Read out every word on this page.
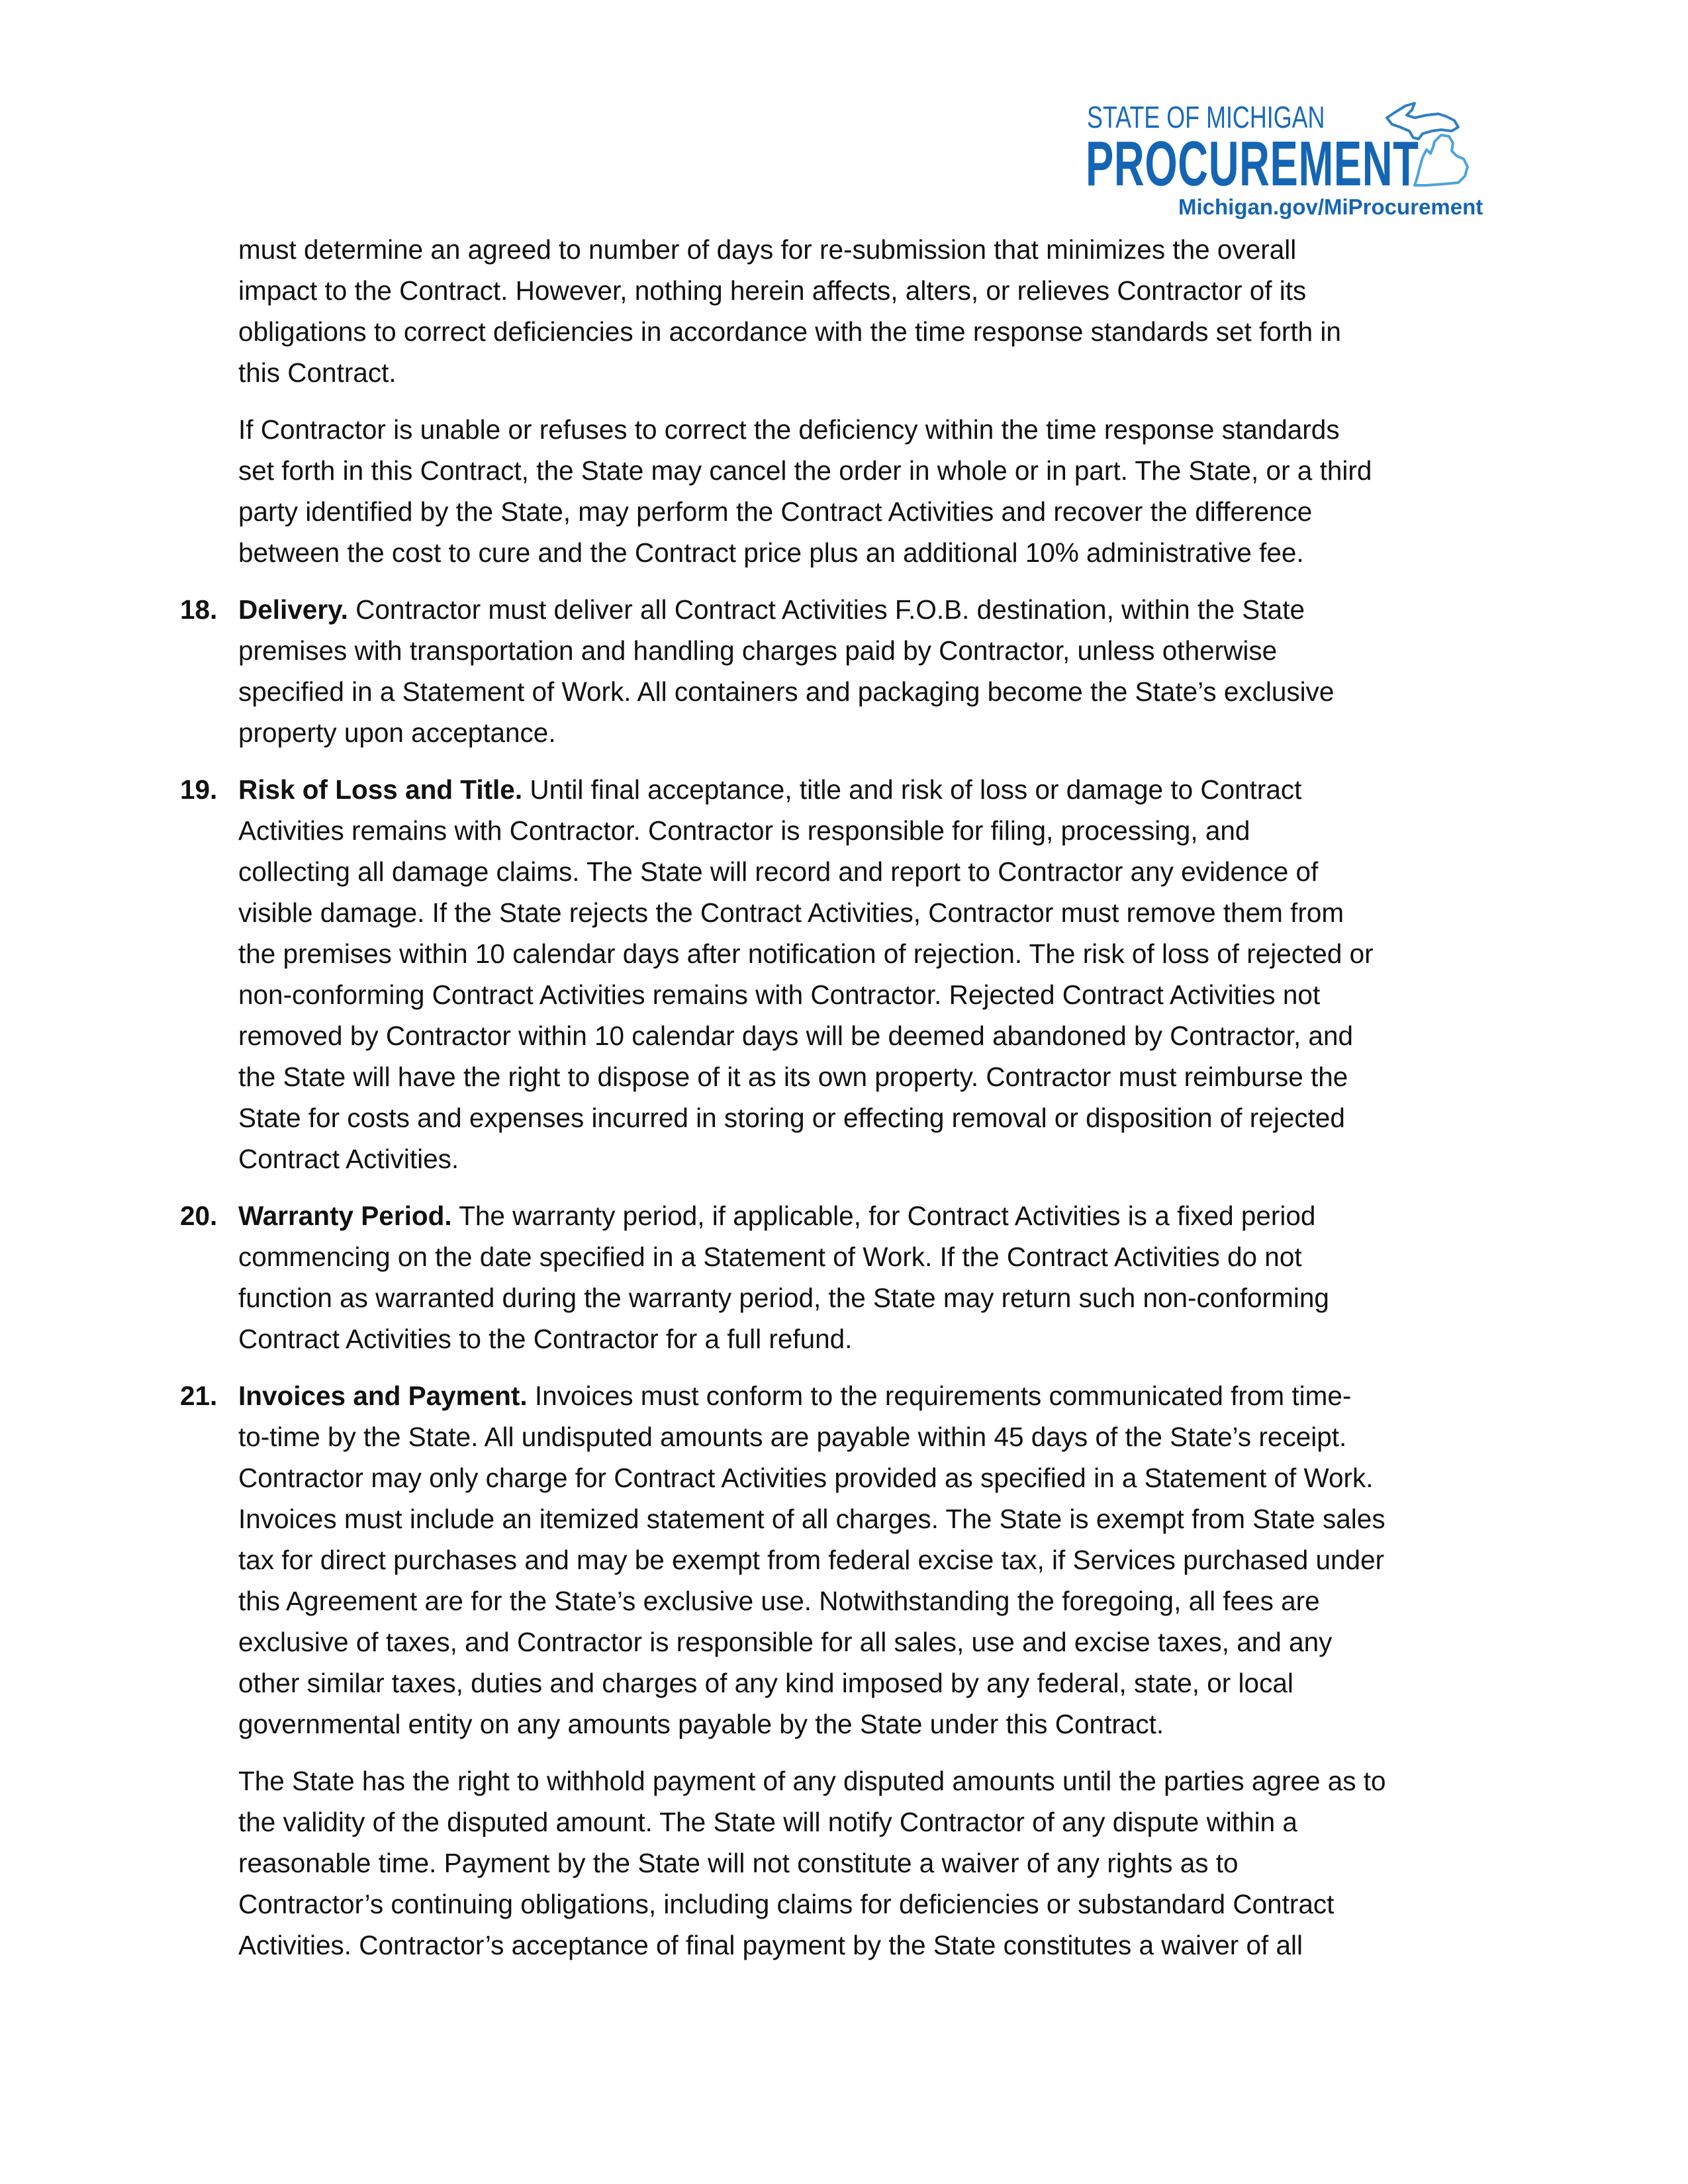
STATE OF MICHIGAN
PROCUREMENT
Michigan.gov/MiProcurement
must determine an agreed to number of days for re-submission that minimizes the overall
impact to the Contract. However, nothing herein affects, alters, or relieves Contractor of its
obligations to correct deficiencies in accordance with the time response standards set forth in
this Contract.
If Contractor is unable or refuses to correct the deficiency within the time response standards
set forth in this Contract, the State may cancel the order in whole or in part. The State, or a third
party identified by the State, may perform the Contract Activities and recover the difference
between the cost to cure and the Contract price plus an additional 10% administrative fee.
18. Delivery. Contractor must deliver all Contract Activities F.O.B. destination, within the State
premises with transportation and handling charges paid by Contractor, unless otherwise
specified in a Statement of Work. All containers and packaging become the State’s exclusive
property upon acceptance.
19. Risk of Loss and Title. Until final acceptance, title and risk of loss or damage to Contract
Activities remains with Contractor. Contractor is responsible for filing, processing, and
collecting all damage claims. The State will record and report to Contractor any evidence of
visible damage. If the State rejects the Contract Activities, Contractor must remove them from
the premises within 10 calendar days after notification of rejection. The risk of loss of rejected or
non-conforming Contract Activities remains with Contractor. Rejected Contract Activities not
removed by Contractor within 10 calendar days will be deemed abandoned by Contractor, and
the State will have the right to dispose of it as its own property. Contractor must reimburse the
State for costs and expenses incurred in storing or effecting removal or disposition of rejected
Contract Activities.
20. Warranty Period. The warranty period, if applicable, for Contract Activities is a fixed period
commencing on the date specified in a Statement of Work. If the Contract Activities do not
function as warranted during the warranty period, the State may return such non-conforming
Contract Activities to the Contractor for a full refund.
21. Invoices and Payment. Invoices must conform to the requirements communicated from time-
to-time by the State. All undisputed amounts are payable within 45 days of the State’s receipt.
Contractor may only charge for Contract Activities provided as specified in a Statement of Work.
Invoices must include an itemized statement of all charges. The State is exempt from State sales
tax for direct purchases and may be exempt from federal excise tax, if Services purchased under
this Agreement are for the State’s exclusive use. Notwithstanding the foregoing, all fees are
exclusive of taxes, and Contractor is responsible for all sales, use and excise taxes, and any
other similar taxes, duties and charges of any kind imposed by any federal, state, or local
governmental entity on any amounts payable by the State under this Contract.
The State has the right to withhold payment of any disputed amounts until the parties agree as to
the validity of the disputed amount. The State will notify Contractor of any dispute within a
reasonable time. Payment by the State will not constitute a waiver of any rights as to
Contractor’s continuing obligations, including claims for deficiencies or substandard Contract
Activities. Contractor’s acceptance of final payment by the State constitutes a waiver of all
